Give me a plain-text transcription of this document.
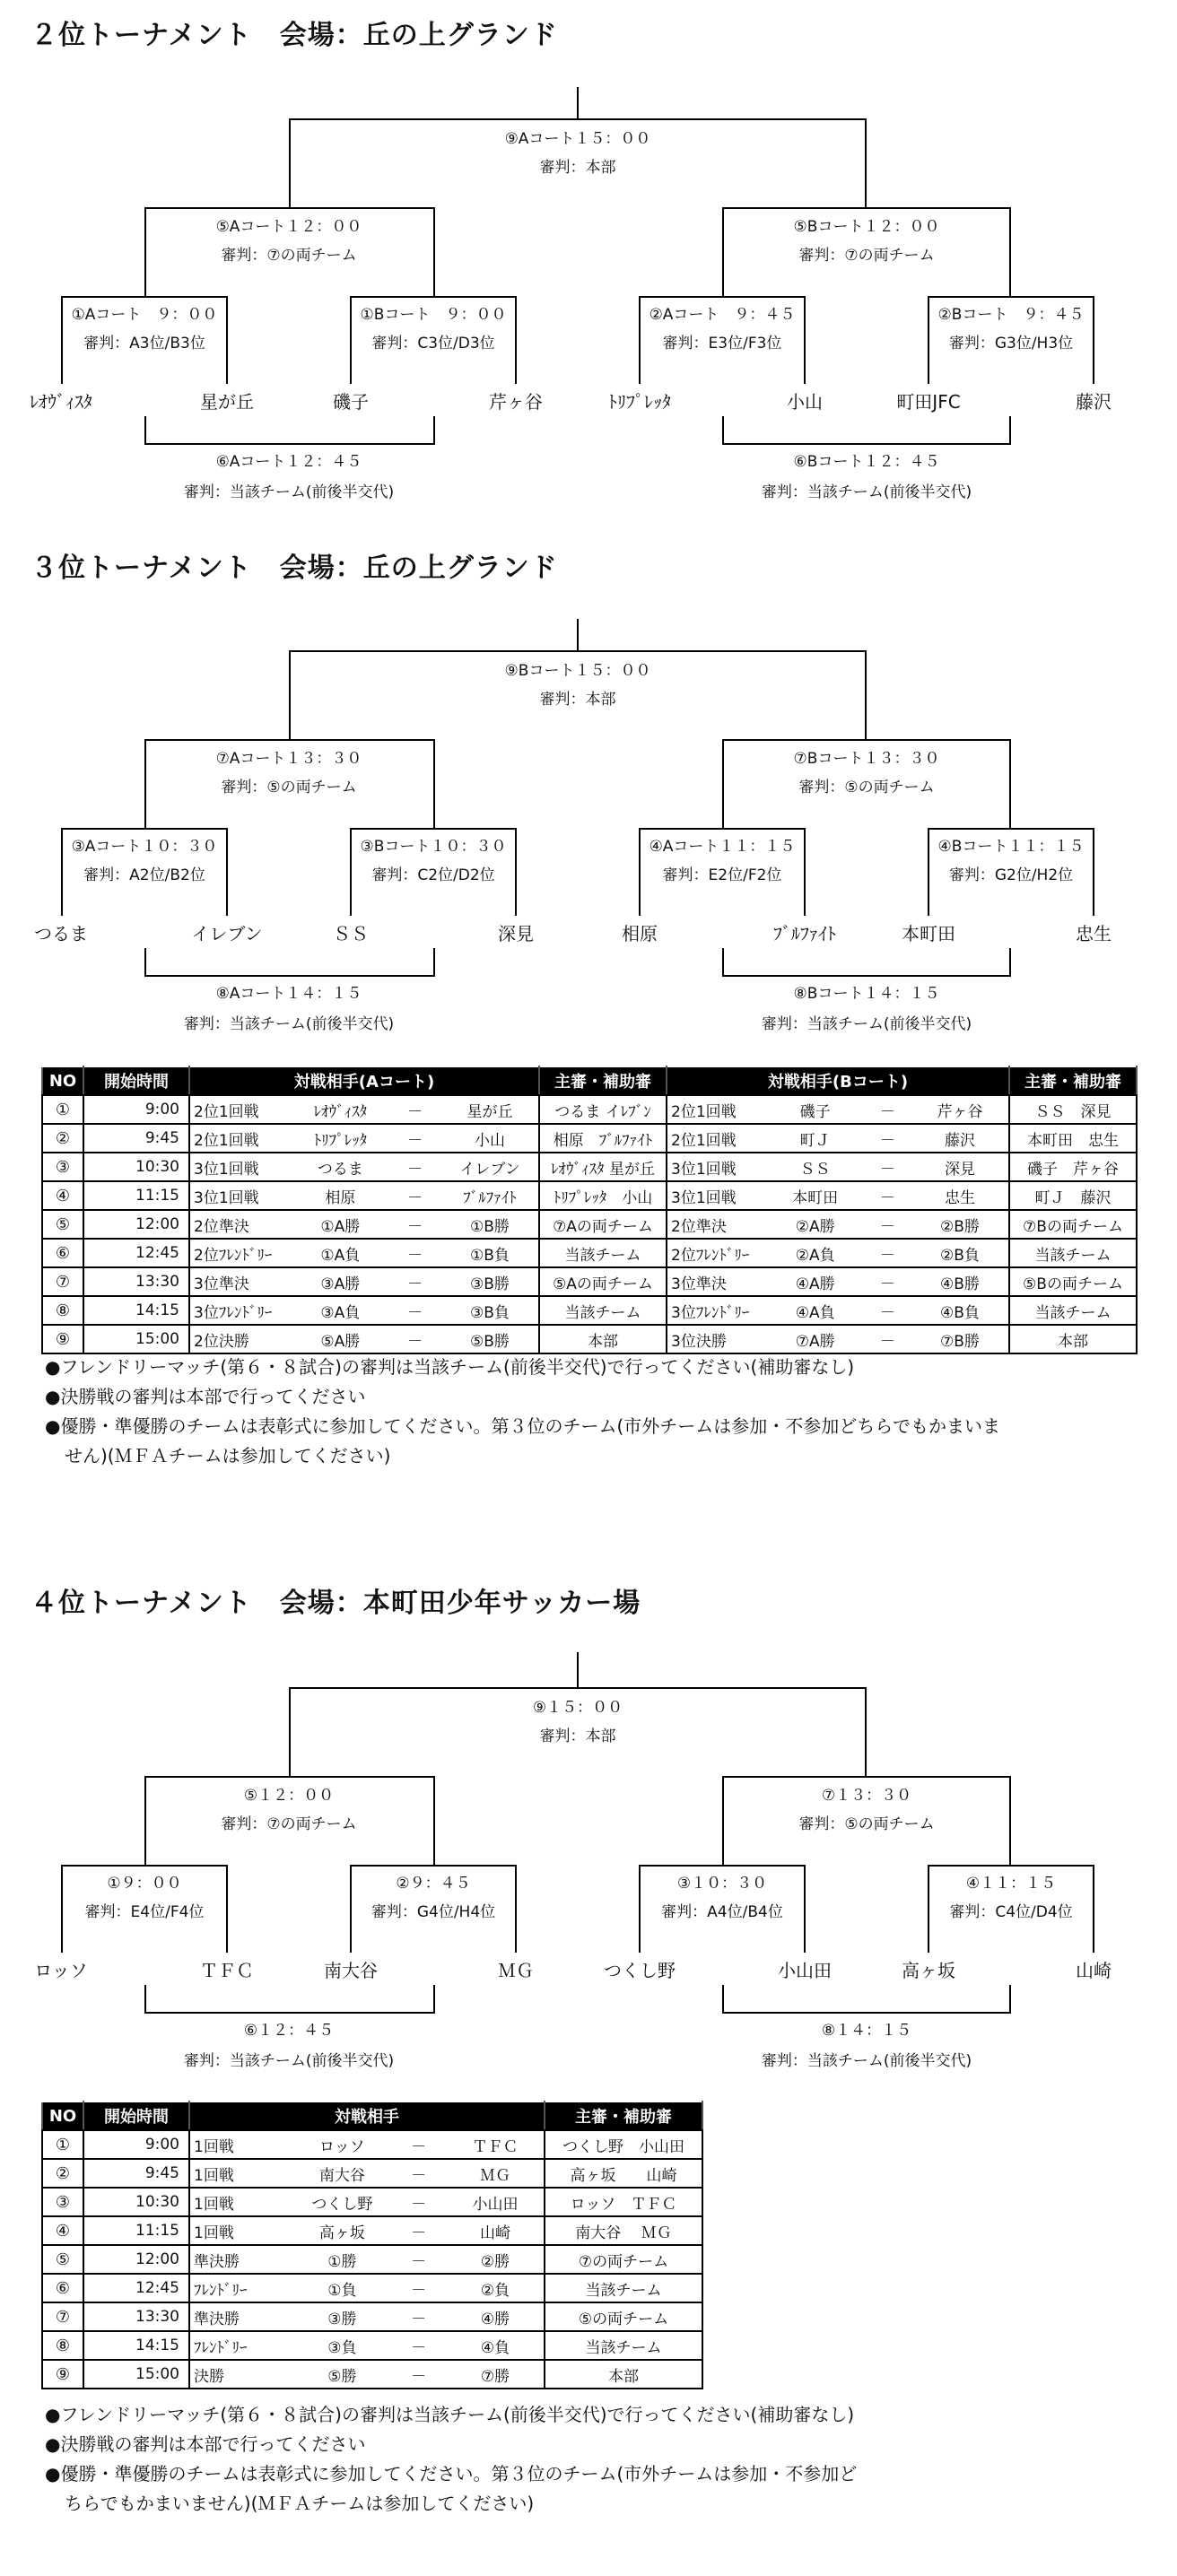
２位トーナメント　会場：丘の上グランド
⑨Aコート１５：００
審判：本部
⑤Aコート１２：００
審判：⑦の両チーム
⑤Bコート１２：００
審判：⑦の両チーム
①Aコート　９：００
審判：A3位/B3位
①Bコート　９：００
審判：C3位/D3位
②Aコート　９：４５
審判：E3位/F3位
②Bコート　９：４５
審判：G3位/H3位
ﾚｵｳﾞｨｽﾀ	星が丘	磯子	芹ヶ谷	ﾄﾘﾌﾟﾚｯﾀ	小山	町田JFC	藤沢
⑥Aコート１２：４５
審判：当該チーム(前後半交代)
⑥Bコート１２：４５
審判：当該チーム(前後半交代)
３位トーナメント　会場：丘の上グランド
⑨Bコート１５：００
審判：本部
⑦Aコート１３：３０
審判：⑤の両チーム
⑦Bコート１３：３０
審判：⑤の両チーム
③Aコート１０：３０
審判：A2位/B2位
③Bコート１０：３０
審判：C2位/D2位
④Aコート１１：１５
審判：E2位/F2位
④Bコート１１：１５
審判：G2位/H2位
つるま	イレブン	ＳＳ	深見	相原	ﾌﾞﾙﾌｧｲﾄ	本町田	忠生
⑧Aコート１４：１５
審判：当該チーム(前後半交代)
⑧Bコート１４：１５
審判：当該チーム(前後半交代)
NO	開始時間	対戦相手(Aコート)	主審・補助審	対戦相手(Bコート)	主審・補助審
①	9:00	2位1回戦 ﾚｵｳﾞｨｽﾀ － 星が丘	つるま イﾚﾌﾞﾝ	2位1回戦 磯子 － 芹ヶ谷	ＳＳ　深見
②	9:45	2位1回戦 ﾄﾘﾌﾟﾚｯﾀ － 小山	相原　ﾌﾞﾙﾌｧｲﾄ	2位1回戦 町Ｊ － 藤沢	本町田　忠生
③	10:30	3位1回戦 つるま － イレブン	ﾚｵｳﾞｨｽﾀ 星が丘	3位1回戦 ＳＳ － 深見	磯子　芹ヶ谷
④	11:15	3位1回戦 相原 － ﾌﾞﾙﾌｧｲﾄ	ﾄﾘﾌﾟﾚｯﾀ　小山	3位1回戦 本町田 － 忠生	町Ｊ　藤沢
⑤	12:00	2位準決 ①A勝 － ①B勝	⑦Aの両チーム	2位準決 ②A勝 － ②B勝	⑦Bの両チーム
⑥	12:45	2位ﾌﾚﾝﾄﾞﾘｰ ①A負 － ①B負	当該チーム	2位ﾌﾚﾝﾄﾞﾘｰ ②A負 － ②B負	当該チーム
⑦	13:30	3位準決 ③A勝 － ③B勝	⑤Aの両チーム	3位準決 ④A勝 － ④B勝	⑤Bの両チーム
⑧	14:15	3位ﾌﾚﾝﾄﾞﾘｰ ③A負 － ③B負	当該チーム	3位ﾌﾚﾝﾄﾞﾘｰ ④A負 － ④B負	当該チーム
⑨	15:00	2位決勝 ⑤A勝 － ⑤B勝	本部	3位決勝 ⑦A勝 － ⑦B勝	本部
●フレンドリーマッチ(第６・８試合)の審判は当該チーム(前後半交代)で行ってください(補助審なし)
●決勝戦の審判は本部で行ってください
●優勝・準優勝のチームは表彰式に参加してください。第３位のチーム(市外チームは参加・不参加どちらでもかまいま
せん)(ＭＦＡチームは参加してください)
４位トーナメント　会場：本町田少年サッカー場
⑨１５：００
審判：本部
⑤１２：００
審判：⑦の両チーム
⑦１３：３０
審判：⑤の両チーム
①９：００
審判：E4位/F4位
②９：４５
審判：G4位/H4位
③１０：３０
審判：A4位/B4位
④１１：１５
審判：C4位/D4位
ロッソ	ＴＦＣ	南大谷	ＭＧ	つくし野	小山田	高ヶ坂	山崎
⑥１２：４５
審判：当該チーム(前後半交代)
⑧１４：１５
審判：当該チーム(前後半交代)
NO	開始時間	対戦相手	主審・補助審
①	9:00	1回戦 ロッソ － ＴＦＣ	つくし野　小山田
②	9:45	1回戦 南大谷 － ＭＧ	高ヶ坂　　山崎
③	10:30	1回戦 つくし野 － 小山田	ロッソ　ＴＦＣ
④	11:15	1回戦 高ヶ坂 － 山崎	南大谷　 ＭＧ
⑤	12:00	準決勝 ①勝 － ②勝	⑦の両チーム
⑥	12:45	ﾌﾚﾝﾄﾞﾘｰ ①負 － ②負	当該チーム
⑦	13:30	準決勝 ③勝 － ④勝	⑤の両チーム
⑧	14:15	ﾌﾚﾝﾄﾞﾘｰ ③負 － ④負	当該チーム
⑨	15:00	決勝 ⑤勝 － ⑦勝	本部
●フレンドリーマッチ(第６・８試合)の審判は当該チーム(前後半交代)で行ってください(補助審なし)
●決勝戦の審判は本部で行ってください
●優勝・準優勝のチームは表彰式に参加してください。第３位のチーム(市外チームは参加・不参加ど
ちらでもかまいません)(ＭＦＡチームは参加してください)
